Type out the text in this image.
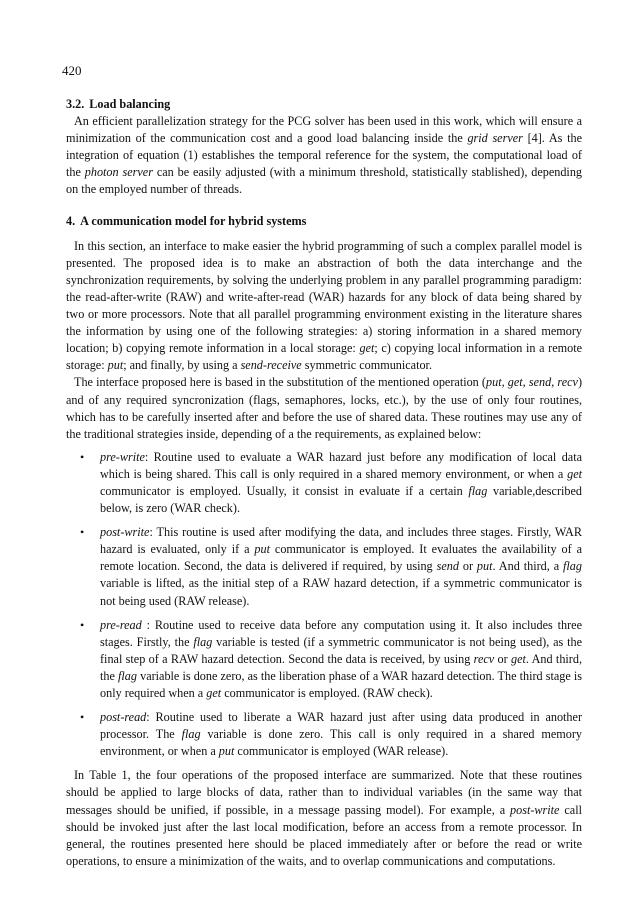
420
3.2. Load balancing

An efficient parallelization strategy for the PCG solver has been used in this work, which will ensure a minimization of the communication cost and a good load balancing inside the grid server [4]. As the integration of equation (1) establishes the temporal reference for the system, the computational load of the photon server can be easily adjusted (with a minimum threshold, statistically stablished), depending on the employed number of threads.

4. A communication model for hybrid systems

In this section, an interface to make easier the hybrid programming of such a complex parallel model is presented. The proposed idea is to make an abstraction of both the data interchange and the synchronization requirements, by solving the underlying problem in any parallel programming paradigm: the read-after-write (RAW) and write-after-read (WAR) hazards for any block of data being shared by two or more processors. Note that all parallel programming environment existing in the literature shares the information by using one of the following strategies: a) storing information in a shared memory location; b) copying remote information in a local storage: get; c) copying local information in a remote storage: put; and finally, by using a send-receive symmetric communicator.

The interface proposed here is based in the substitution of the mentioned operation (put, get, send, recv) and of any required syncronization (flags, semaphores, locks, etc.), by the use of only four routines, which has to be carefully inserted after and before the use of shared data. These routines may use any of the traditional strategies inside, depending of a the requirements, as explained below:

• pre-write: Routine used to evaluate a WAR hazard just before any modification of local data which is being shared. This call is only required in a shared memory environment, or when a get communicator is employed. Usually, it consist in evaluate if a certain flag variable,described below, is zero (WAR check).
• post-write: This routine is used after modifying the data, and includes three stages. Firstly, WAR hazard is evaluated, only if a put communicator is employed. It evaluates the availability of a remote location. Second, the data is delivered if required, by using send or put. And third, a flag variable is lifted, as the initial step of a RAW hazard detection, if a symmetric communicator is not being used (RAW release).
• pre-read : Routine used to receive data before any computation using it. It also includes three stages. Firstly, the flag variable is tested (if a symmetric communicator is not being used), as the final step of a RAW hazard detection. Second the data is received, by using recv or get. And third, the flag variable is done zero, as the liberation phase of a WAR hazard detection. The third stage is only required when a get communicator is employed. (RAW check).
• post-read: Routine used to liberate a WAR hazard just after using data produced in another processor. The flag variable is done zero. This call is only required in a shared memory environment, or when a put communicator is employed (WAR release).

In Table 1, the four operations of the proposed interface are summarized. Note that these routines should be applied to large blocks of data, rather than to individual variables (in the same way that messages should be unified, if possible, in a message passing model). For example, a post-write call should be invoked just after the last local modification, before an access from a remote processor. In general, the routines presented here should be placed immediately after or before the read or write operations, to ensure a minimization of the waits, and to overlap communications and computations.
